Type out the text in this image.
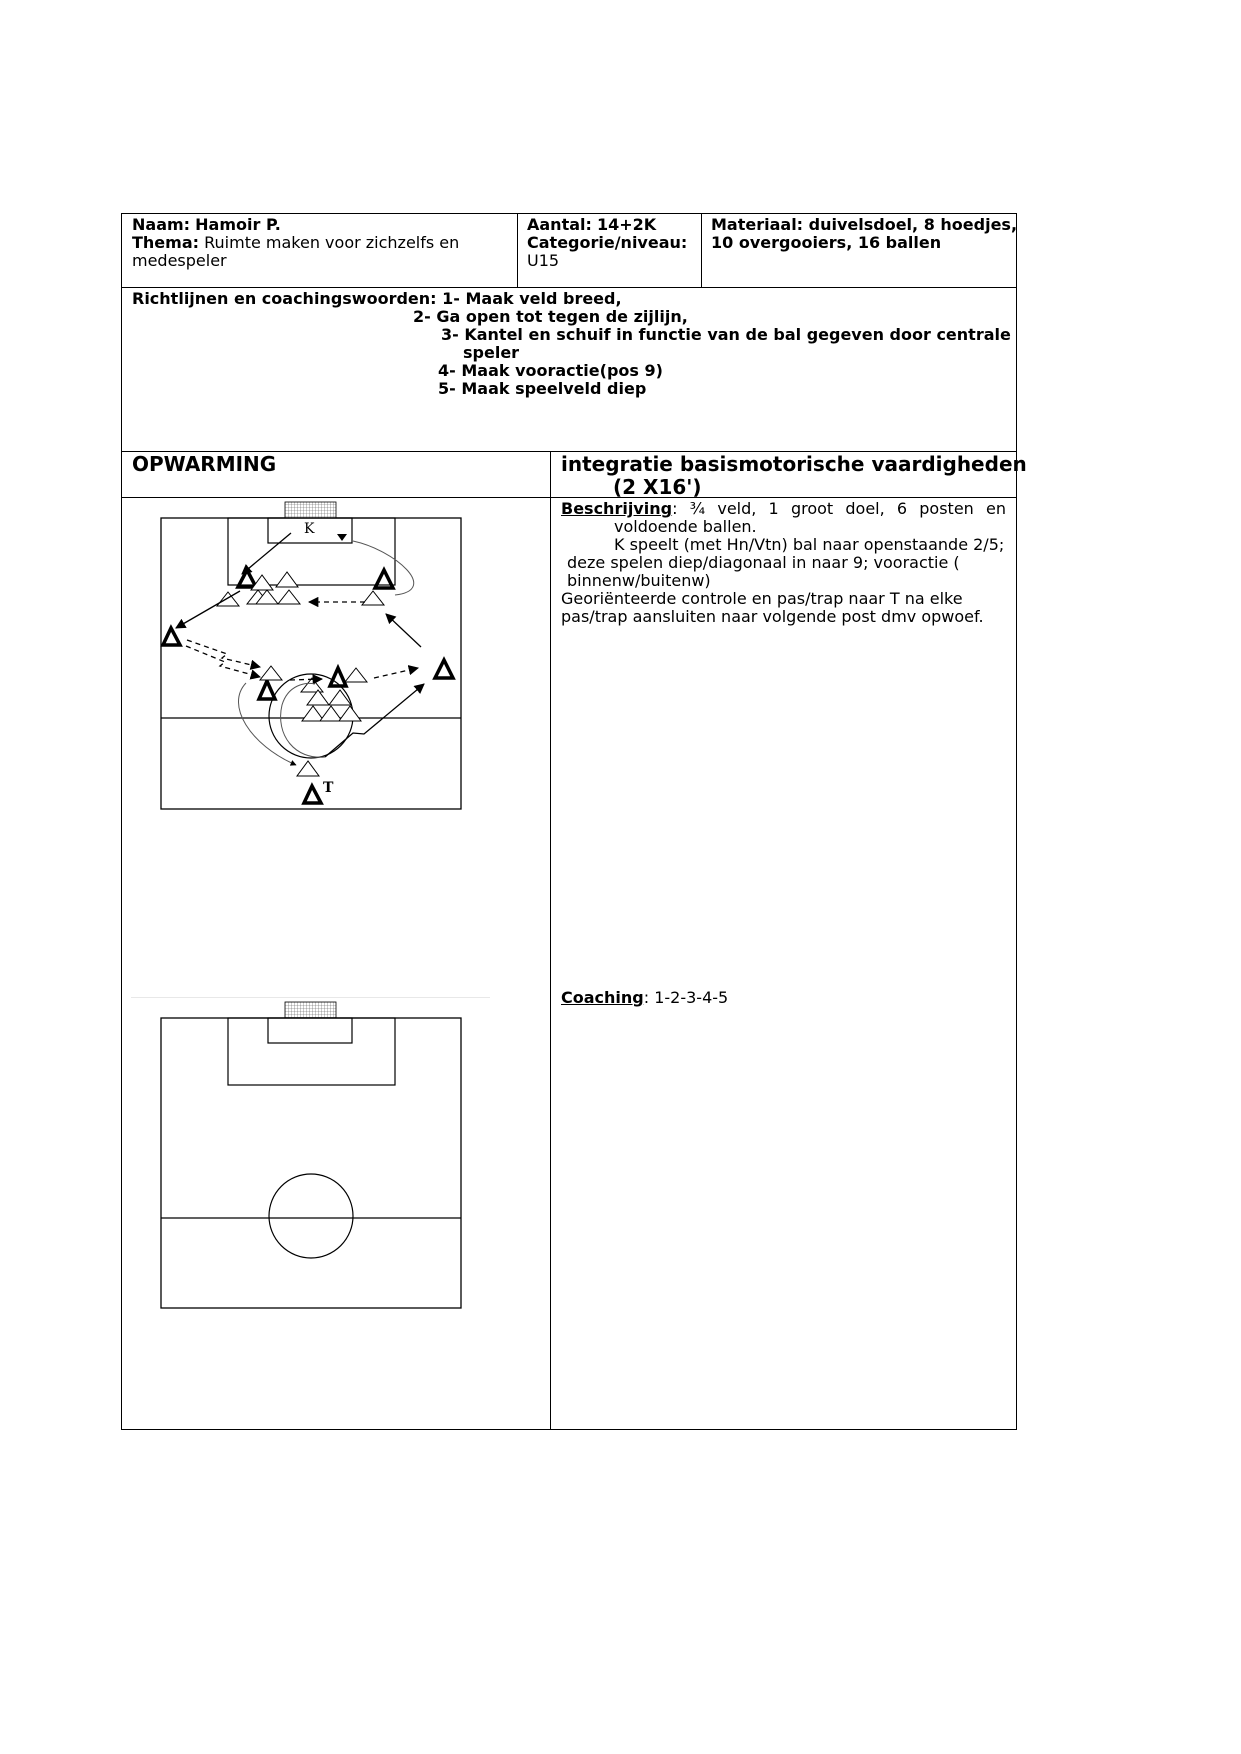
Naam: Hamoir P.
Thema: Ruimte maken voor zichzelfs en
medespeler
Aantal: 14+2K
Categorie/niveau:
U15
Materiaal: duivelsdoel, 8 hoedjes,
10 overgooiers, 16 ballen
Richtlijnen en coachingswoorden: 1- Maak veld breed,
2- Ga open tot tegen de zijlijn,
3- Kantel en schuif in functie van de bal gegeven door centrale
speler
4- Maak vooractie(pos 9)
5- Maak speelveld diep
OPWARMING	integratie basismotorische vaardigheden
(2 X16')
Beschrijving: ¾ veld, 1 groot doel, 6 posten en
voldoende ballen.
K speelt (met Hn/Vtn) bal naar openstaande 2/5;
deze spelen diep/diagonaal in naar 9; vooractie (
binnenw/buitenw)
Georiënteerde controle en pas/trap naar T na elke
pas/trap aansluiten naar volgende post dmv opwoef.
Coaching: 1-2-3-4-5
K
T
